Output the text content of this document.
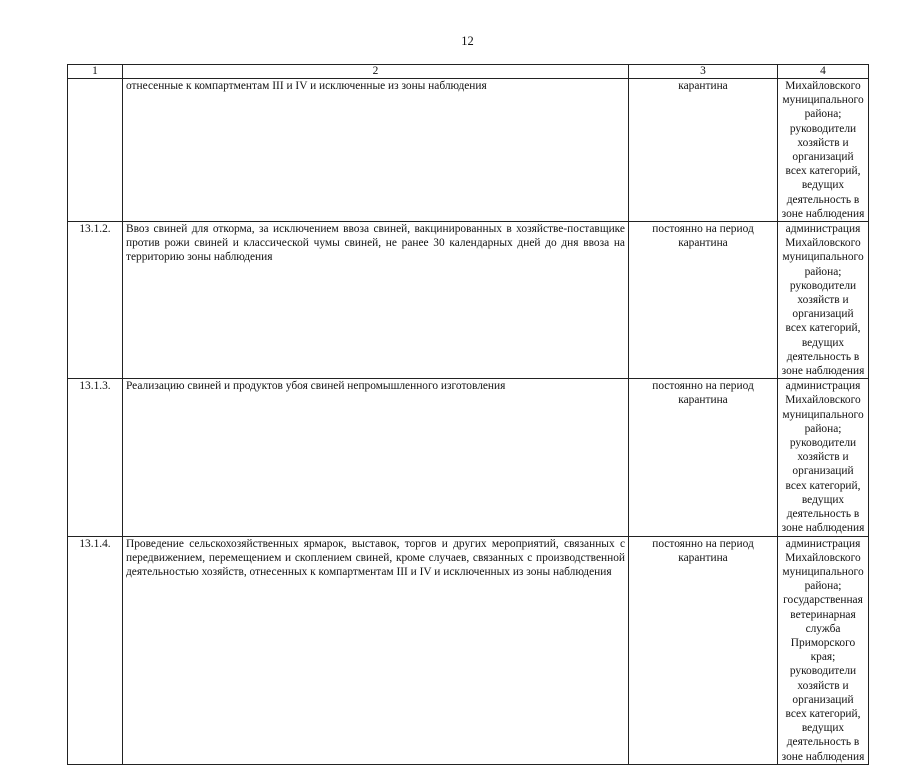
12
1	2	3	4
	отнесенные к компартментам III и IV и исключенные из зоны наблюдения	карантина	Михайловского муниципального района; руководители хозяйств и организаций всех категорий, ведущих деятельность в зоне наблюдения
13.1.2.	Ввоз свиней для откорма, за исключением ввоза свиней, вакцинированных в хозяйстве-поставщике против рожи свиней и классической чумы свиней, не ранее 30 календарных дней до дня ввоза на территорию зоны наблюдения	постоянно на период карантина	администрация Михайловского муниципального района; руководители хозяйств и организаций всех категорий, ведущих деятельность в зоне наблюдения
13.1.3.	Реализацию свиней и продуктов убоя свиней непромышленного изготовления	постоянно на период карантина	администрация Михайловского муниципального района; руководители хозяйств и организаций всех категорий, ведущих деятельность в зоне наблюдения
13.1.4.	Проведение сельскохозяйственных ярмарок, выставок, торгов и других мероприятий, связанных с передвижением, перемещением и скоплением свиней, кроме случаев, связанных с производственной деятельностью хозяйств, отнесенных к компартментам III и IV и исключенных из зоны наблюдения	постоянно на период карантина	администрация Михайловского муниципального района; государственная ветеринарная служба Приморского края; руководители хозяйств и организаций всех категорий, ведущих деятельность в зоне наблюдения
